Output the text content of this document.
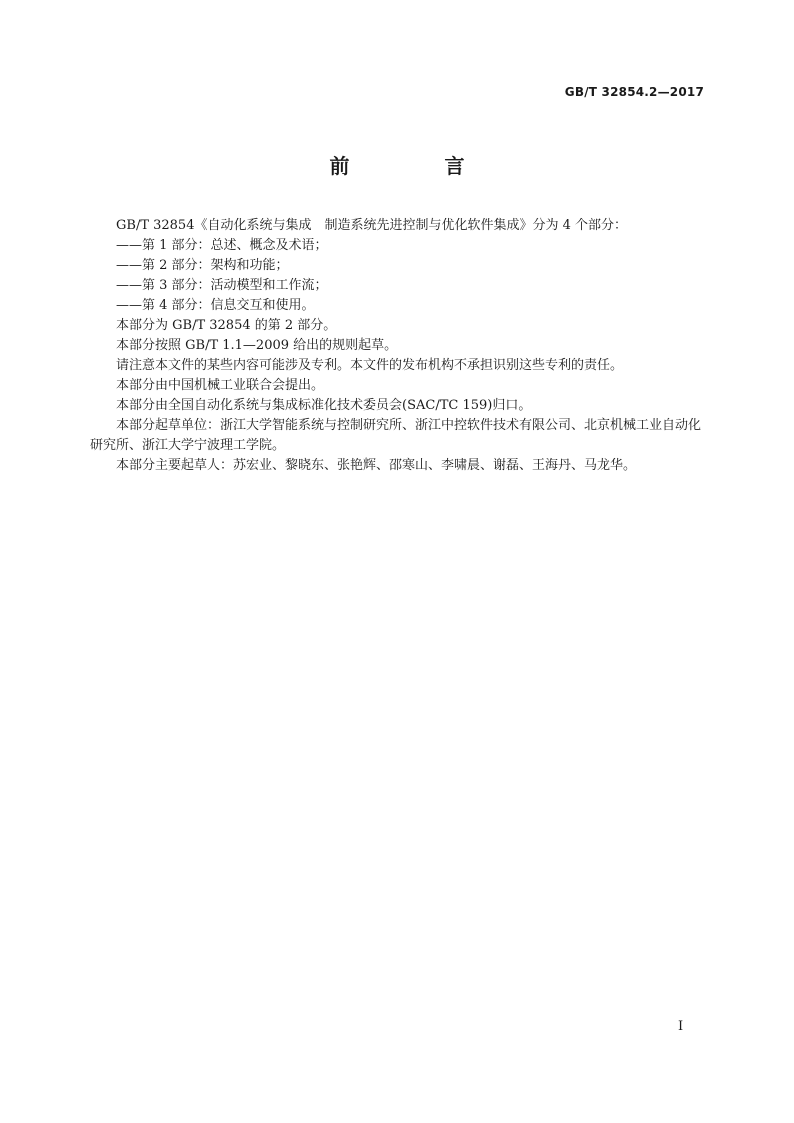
GB/T 32854.2—2017
前 言

GB/T 32854《自动化系统与集成　制造系统先进控制与优化软件集成》分为 4 个部分：

——第 1 部分：总述、概念及术语；

——第 2 部分：架构和功能；

——第 3 部分：活动模型和工作流；

——第 4 部分：信息交互和使用。

本部分为 GB/T 32854 的第 2 部分。

本部分按照 GB/T 1.1—2009 给出的规则起草。

请注意本文件的某些内容可能涉及专利。本文件的发布机构不承担识别这些专利的责任。

本部分由中国机械工业联合会提出。

本部分由全国自动化系统与集成标准化技术委员会(SAC/TC 159)归口。

本部分起草单位：浙江大学智能系统与控制研究所、浙江中控软件技术有限公司、北京机械工业自动化研究所、浙江大学宁波理工学院。

本部分主要起草人：苏宏业、黎晓东、张艳辉、邵寒山、李啸晨、谢磊、王海丹、马龙华。

I
